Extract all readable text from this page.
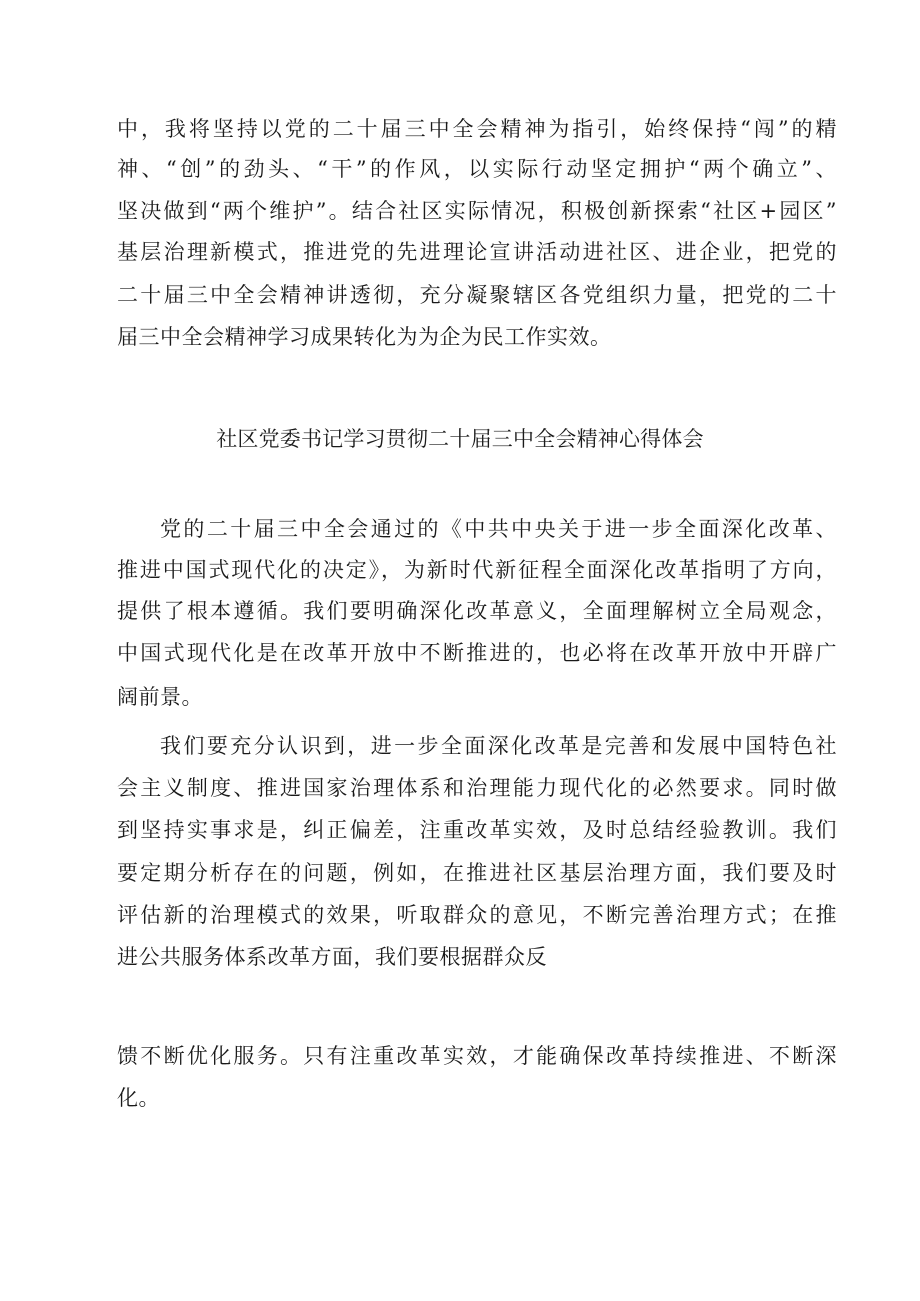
中，我将坚持以党的二十届三中全会精神为指引，始终保持“闯”的精
神、“创”的劲头、“干”的作风，以实际行动坚定拥护“两个确立”、
坚决做到“两个维护”。结合社区实际情况，积极创新探索“社区+园区”
基层治理新模式，推进党的先进理论宣讲活动进社区、进企业，把党的
二十届三中全会精神讲透彻，充分凝聚辖区各党组织力量，把党的二十
届三中全会精神学习成果转化为为企为民工作实效。
社区党委书记学习贯彻二十届三中全会精神心得体会
党的二十届三中全会通过的《中共中央关于进一步全面深化改革、
推进中国式现代化的决定》，为新时代新征程全面深化改革指明了方向，
提供了根本遵循。我们要明确深化改革意义，全面理解树立全局观念，
中国式现代化是在改革开放中不断推进的，也必将在改革开放中开辟广
阔前景。
我们要充分认识到，进一步全面深化改革是完善和发展中国特色社
会主义制度、推进国家治理体系和治理能力现代化的必然要求。同时做
到坚持实事求是，纠正偏差，注重改革实效，及时总结经验教训。我们
要定期分析存在的问题，例如，在推进社区基层治理方面，我们要及时
评估新的治理模式的效果，听取群众的意见，不断完善治理方式；在推
进公共服务体系改革方面，我们要根据群众反
馈不断优化服务。只有注重改革实效，才能确保改革持续推进、不断深
化。
